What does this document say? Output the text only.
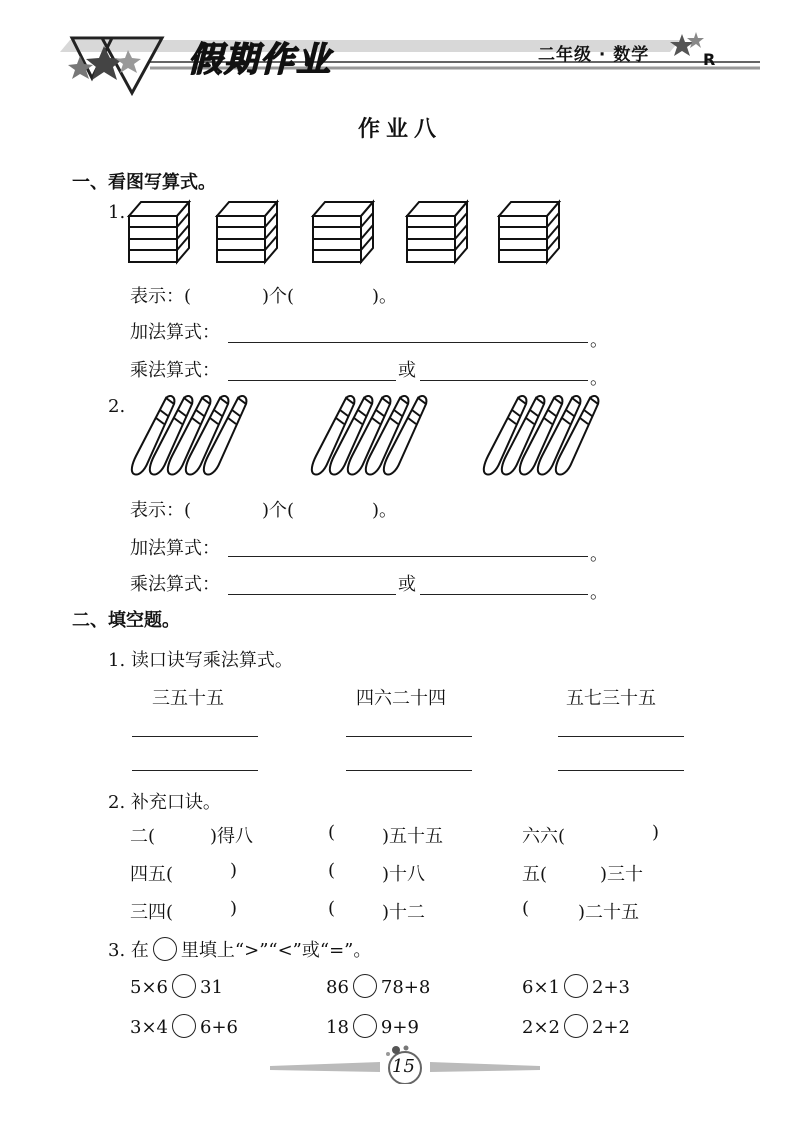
假期作业	二年级 · 数学	R
作业八
一、看图写算式。
1.
表示：(	)个(	)。
加法算式：	。
乘法算式：	或	。
2.
表示：(	)个(	)。
加法算式：	。
乘法算式：	或	。
二、填空题。
1. 读口诀写乘法算式。
三五十五	四六二十四	五七三十五
2. 补充口诀。
二(	)得八	(	)五十五	六六(	)
四五(	)	(	)十八	五(	)三十
三四(	)	(	)十二	(	)二十五
3. 在 里填上“>”“<”或“=”。
5×6 31	86 78+8	6×1 2+3
3×4 6+6	18 9+9	2×2 2+2
15
